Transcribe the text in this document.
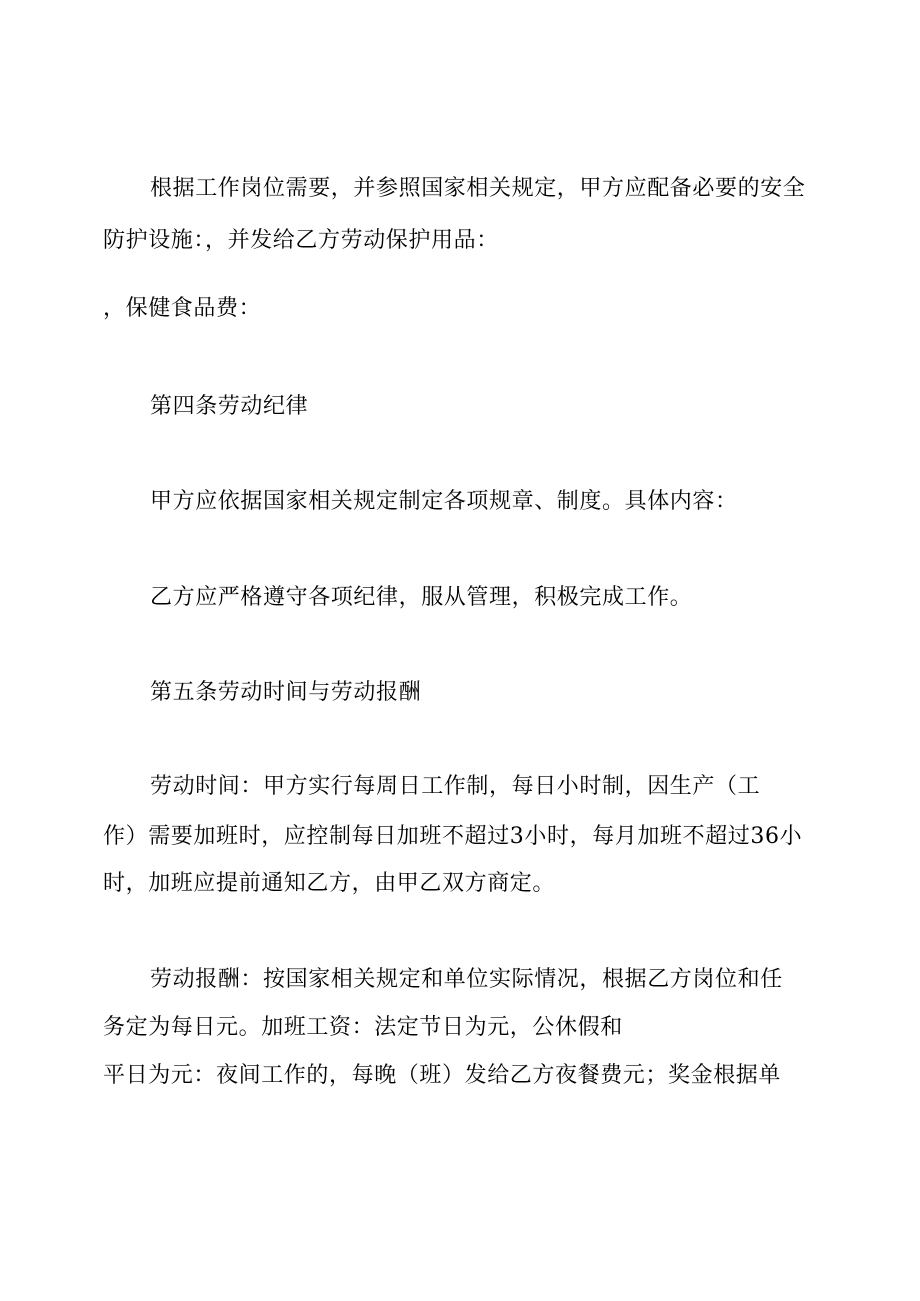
根据工作岗位需要，并参照国家相关规定，甲方应配备必要的安全
防护设施：，并发给乙方劳动保护用品：
，保健食品费：
第四条劳动纪律
甲方应依据国家相关规定制定各项规章、制度。具体内容：
乙方应严格遵守各项纪律，服从管理，积极完成工作。
第五条劳动时间与劳动报酬
劳动时间：甲方实行每周日工作制，每日小时制，因生产（工
作）需要加班时，应控制每日加班不超过3小时，每月加班不超过36小
时，加班应提前通知乙方，由甲乙双方商定。
劳动报酬：按国家相关规定和单位实际情况，根据乙方岗位和任
务定为每日元。加班工资：法定节日为元，公休假和
平日为元：夜间工作的，每晚（班）发给乙方夜餐费元；奖金根据单
